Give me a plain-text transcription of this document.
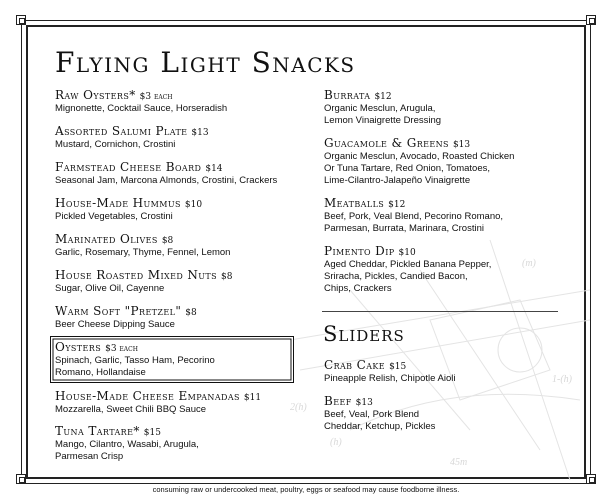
(m)
2(h)
1-(h)
45m
(h)
Flying Light Snacks
Raw Oysters* $3 each
Mignonette, Cocktail Sauce, Horseradish
Assorted Salumi Plate $13
Mustard, Cornichon, Crostini
Farmstead Cheese Board $14
Seasonal Jam, Marcona Almonds, Crostini, Crackers
House-Made Hummus $10
Pickled Vegetables, Crostini
Marinated Olives $8
Garlic, Rosemary, Thyme, Fennel, Lemon
House Roasted Mixed Nuts $8
Sugar, Olive Oil, Cayenne
Warm Soft "Pretzel" $8
Beer Cheese Dipping Sauce
Oysters $3 each
Spinach, Garlic, Tasso Ham, Pecorino
Romano, Hollandaise
House-Made Cheese Empanadas $11
Mozzarella, Sweet Chili BBQ Sauce
Tuna Tartare* $15
Mango, Cilantro, Wasabi, Arugula,
Parmesan Crisp
Burrata $12
Organic Mesclun, Arugula,
Lemon Vinaigrette Dressing
Guacamole & Greens $13
Organic Mesclun, Avocado, Roasted Chicken
Or Tuna Tartare, Red Onion, Tomatoes,
Lime-Cilantro-Jalapeño Vinaigrette
Meatballs $12
Beef, Pork, Veal Blend, Pecorino Romano,
Parmesan, Burrata, Marinara, Crostini
Pimento Dip $10
Aged Cheddar, Pickled Banana Pepper,
Sriracha, Pickles, Candied Bacon,
Chips, Crackers
Sliders
Crab Cake $15
Pineapple Relish, Chipotle Aioli
Beef $13
Beef, Veal, Pork Blend
Cheddar, Ketchup, Pickles
consuming raw or undercooked meat, poultry, eggs or seafood may cause foodborne illness.
